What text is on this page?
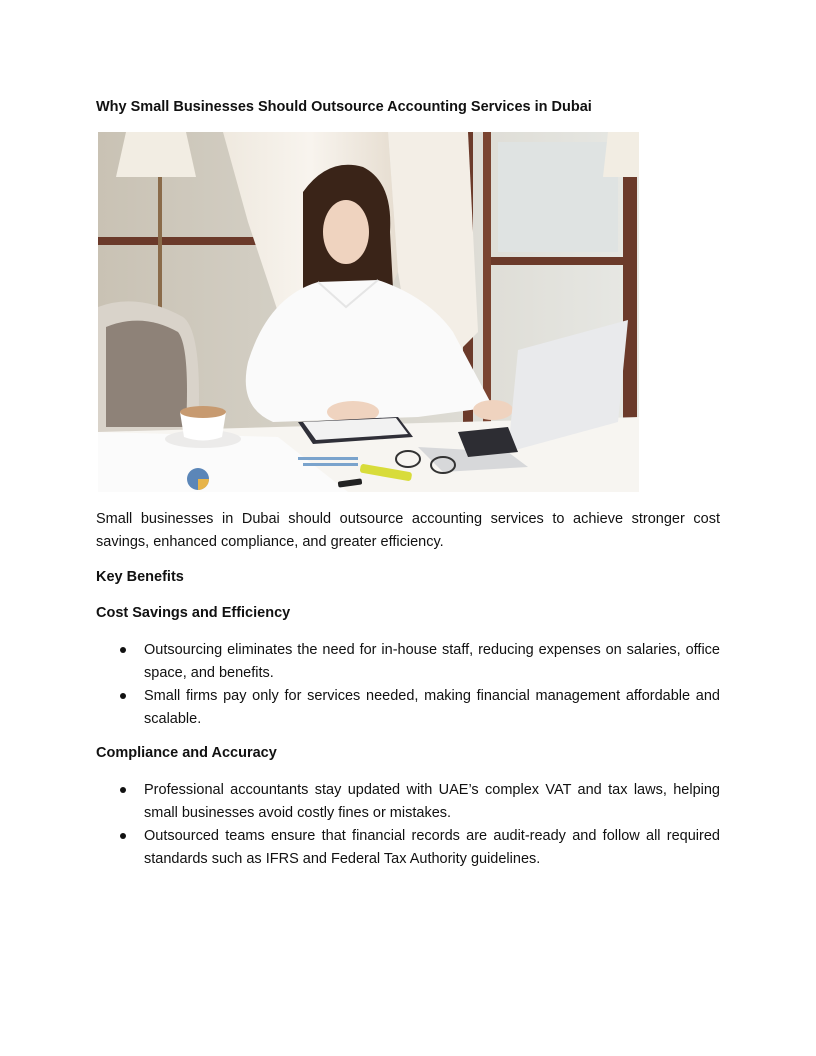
Why Small Businesses Should Outsource Accounting Services in Dubai

Small businesses in Dubai should outsource accounting services to achieve stronger cost savings, enhanced compliance, and greater efficiency.

Key Benefits
Cost Savings and Efficiency
Outsourcing eliminates the need for in-house staff, reducing expenses on salaries, office space, and benefits.
Small firms pay only for services needed, making financial management affordable and scalable.
Compliance and Accuracy
Professional accountants stay updated with UAE’s complex VAT and tax laws, helping small businesses avoid costly fines or mistakes.
Outsourced teams ensure that financial records are audit-ready and follow all required standards such as IFRS and Federal Tax Authority guidelines.
